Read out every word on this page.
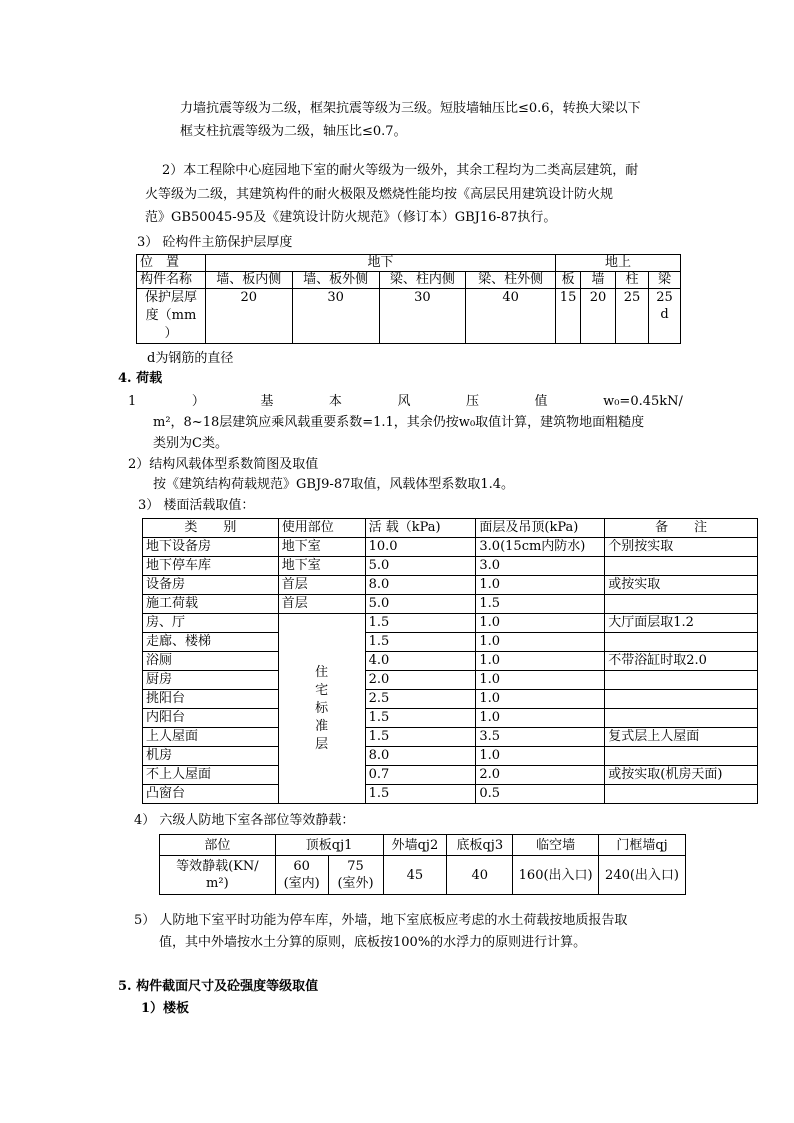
力墙抗震等级为二级，框架抗震等级为三级。短肢墙轴压比≤0.6，转换大梁以下
框支柱抗震等级为二级，轴压比≤0.7。
2）本工程除中心庭园地下室的耐火等级为一级外，其余工程均为二类高层建筑，耐
火等级为二级，其建筑构件的耐火极限及燃烧性能均按《高层民用建筑设计防火规
范》GB50045-95及《建筑设计防火规范》（修订本）GBJ16-87执行。
3） 砼构件主筋保护层厚度
位　置	地下				地上			
构件名称	墙、板内侧	墙、板外侧	梁、柱内侧	梁、柱外侧	板	墙	柱	梁

保护层厚
度（mm
）	20	30	30	40	15	20	25	25
d
d为钢筋的直径
4. 荷载
1	）	基	本	风	压	值	w₀=0.45kN/
m²，8~18层建筑应乘风载重要系数=1.1，其余仍按w₀取值计算，建筑物地面粗糙度
类别为C类。
2）结构风载体型系数简图及取值
按《建筑结构荷载规范》GBJ9-87取值，风载体型系数取1.4。
3） 楼面活载取值：
类　　别	使用部位	活 载（kPa)	面层及吊顶(kPa)	备　　注
地下设备房	地下室	10.0	3.0(15cm内防水)	个别按实取
地下停车库	地下室	5.0	3.0	
设备房	首层	8.0	1.0	或按实取
施工荷载	首层	5.0	1.5	
房、厅	住
宅
标
准
层	1.5	1.0	大厅面层取1.2
走廊、楼梯		1.5	1.0	
浴厕		4.0	1.0	不带浴缸时取2.0
厨房		2.0	1.0	
挑阳台		2.5	1.0	
内阳台		1.5	1.0	
上人屋面		1.5	3.5	复式层上人屋面
机房		8.0	1.0	
不上人屋面		0.7	2.0	或按实取(机房天面)
凸窗台		1.5	0.5	
4） 六级人防地下室各部位等效静载：
部位	顶板qj1		外墙qj2	底板qj3	临空墙	门框墙qj
等效静载(KN/ m²)	60
(室内)	75
(室外)	45	40	160(出入口)	240(出入口)
5） 人防地下室平时功能为停车库，外墙，地下室底板应考虑的水土荷载按地质报告取
值，其中外墙按水土分算的原则，底板按100%的水浮力的原则进行计算。
5. 构件截面尺寸及砼强度等级取值
1）楼板
